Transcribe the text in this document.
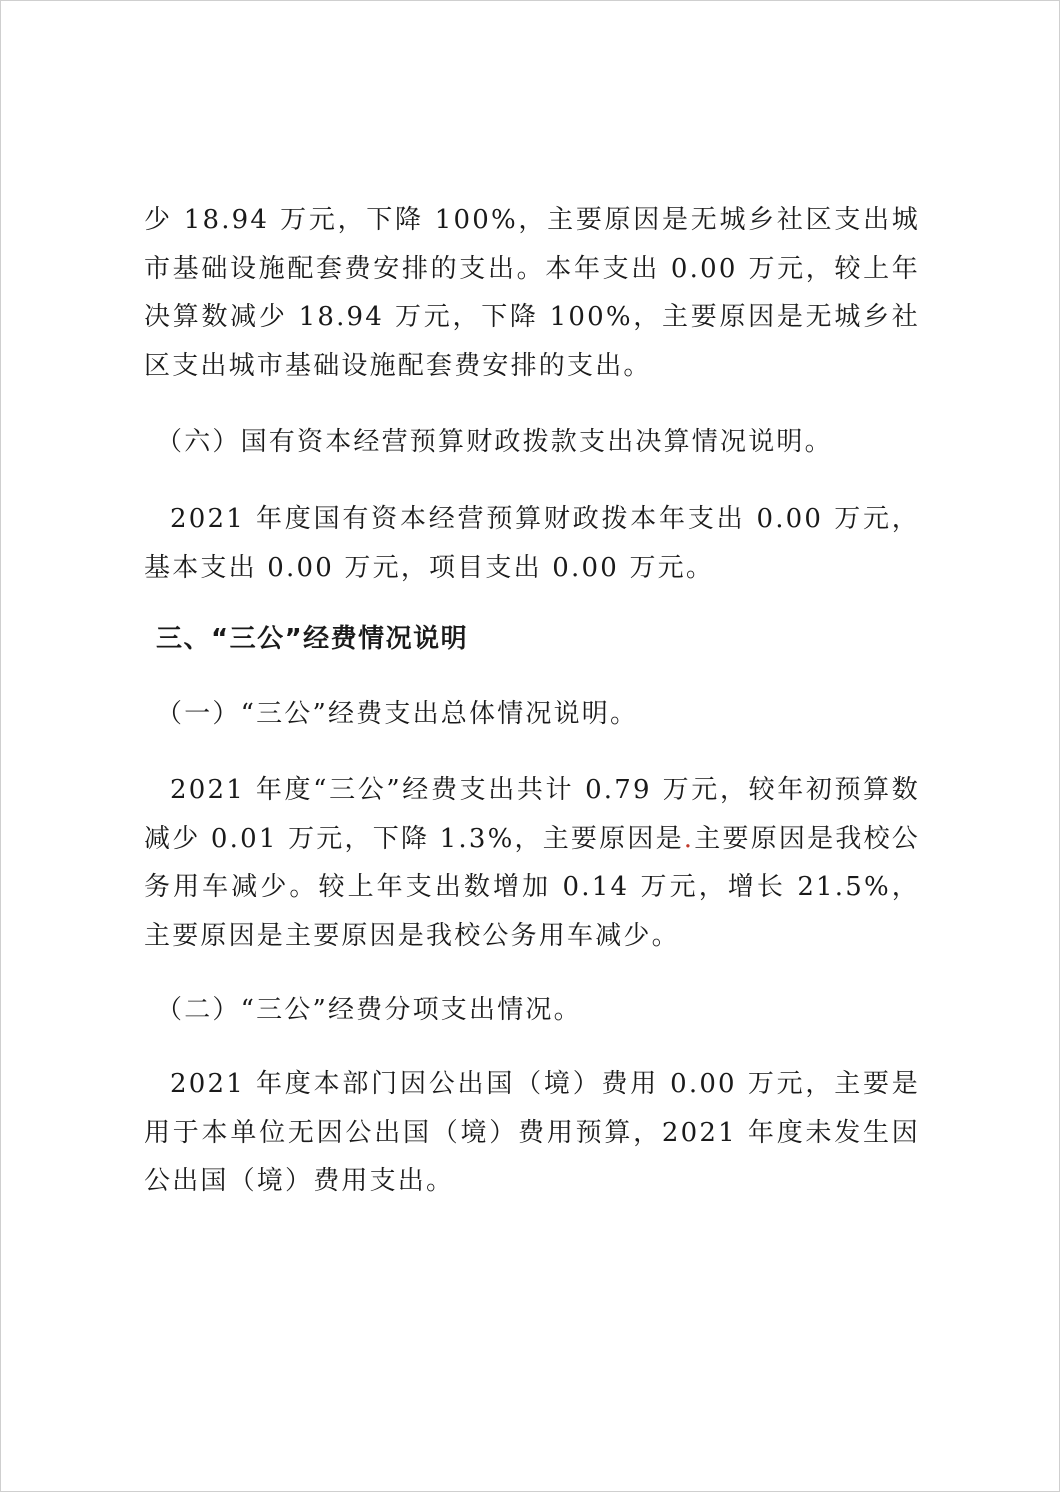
少 18.94 万元，下降 100%，主要原因是无城乡社区支出城市基础设施配套费安排的支出。本年支出 0.00 万元，较上年决算数减少 18.94 万元，下降 100%，主要原因是无城乡社区支出城市基础设施配套费安排的支出。

（六）国有资本经营预算财政拨款支出决算情况说明。

2021 年度国有资本经营预算财政拨本年支出 0.00 万元，基本支出 0.00 万元，项目支出 0.00 万元。

三、“三公”经费情况说明

（一）“三公”经费支出总体情况说明。

2021 年度“三公”经费支出共计 0.79 万元，较年初预算数减少 0.01 万元，下降 1.3%，主要原因是.主要原因是我校公务用车减少。较上年支出数增加 0.14 万元，增长 21.5%，主要原因是主要原因是我校公务用车减少。

（二）“三公”经费分项支出情况。

2021 年度本部门因公出国（境）费用 0.00 万元，主要是用于本单位无因公出国（境）费用预算，2021 年度未发生因公出国（境）费用支出。
